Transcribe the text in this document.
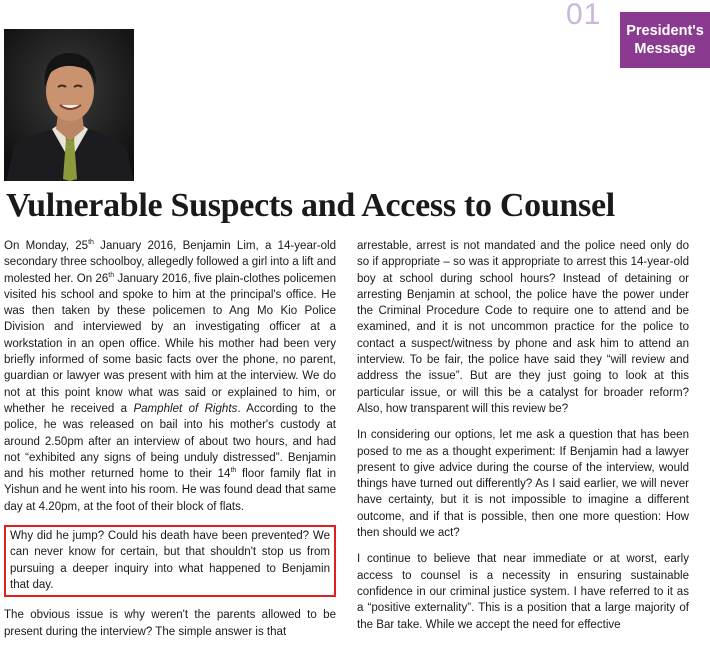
01 President's
Message
Vulnerable Suspects and Access to Counsel

On Monday, 25th January 2016, Benjamin Lim, a 14-year-old secondary three schoolboy, allegedly followed a girl into a lift and molested her. On 26th January 2016, five plain-clothes policemen visited his school and spoke to him at the principal's office. He was then taken by these policemen to Ang Mo Kio Police Division and interviewed by an investigating officer at a workstation in an open office. While his mother had been very briefly informed of some basic facts over the phone, no parent, guardian or lawyer was present with him at the interview. We do not at this point know what was said or explained to him, or whether he received a Pamphlet of Rights. According to the police, he was released on bail into his mother's custody at around 2.50pm after an interview of about two hours, and had not “exhibited any signs of being unduly distressed”. Benjamin and his mother returned home to their 14th floor family flat in Yishun and he went into his room. He was found dead that same day at 4.20pm, at the foot of their block of flats.

Why did he jump? Could his death have been prevented? We can never know for certain, but that shouldn't stop us from pursuing a deeper inquiry into what happened to Benjamin that day.

The obvious issue is why weren't the parents allowed to be present during the interview? The simple answer is that

arrestable, arrest is not mandated and the police need only do so if appropriate – so was it appropriate to arrest this 14-year-old boy at school during school hours? Instead of detaining or arresting Benjamin at school, the police have the power under the Criminal Procedure Code to require one to attend and be examined, and it is not uncommon practice for the police to contact a suspect/witness by phone and ask him to attend an interview. To be fair, the police have said they “will review and address the issue”. But are they just going to look at this particular issue, or will this be a catalyst for broader reform? Also, how transparent will this review be?

In considering our options, let me ask a question that has been posed to me as a thought experiment: If Benjamin had a lawyer present to give advice during the course of the interview, would things have turned out differently? As I said earlier, we will never have certainty, but it is not impossible to imagine a different outcome, and if that is possible, then one more question: How then should we act?

I continue to believe that near immediate or at worst, early access to counsel is a necessity in ensuring sustainable confidence in our criminal justice system. I have referred to it as a “positive externality”. This is a position that a large majority of the Bar take. While we accept the need for effective
